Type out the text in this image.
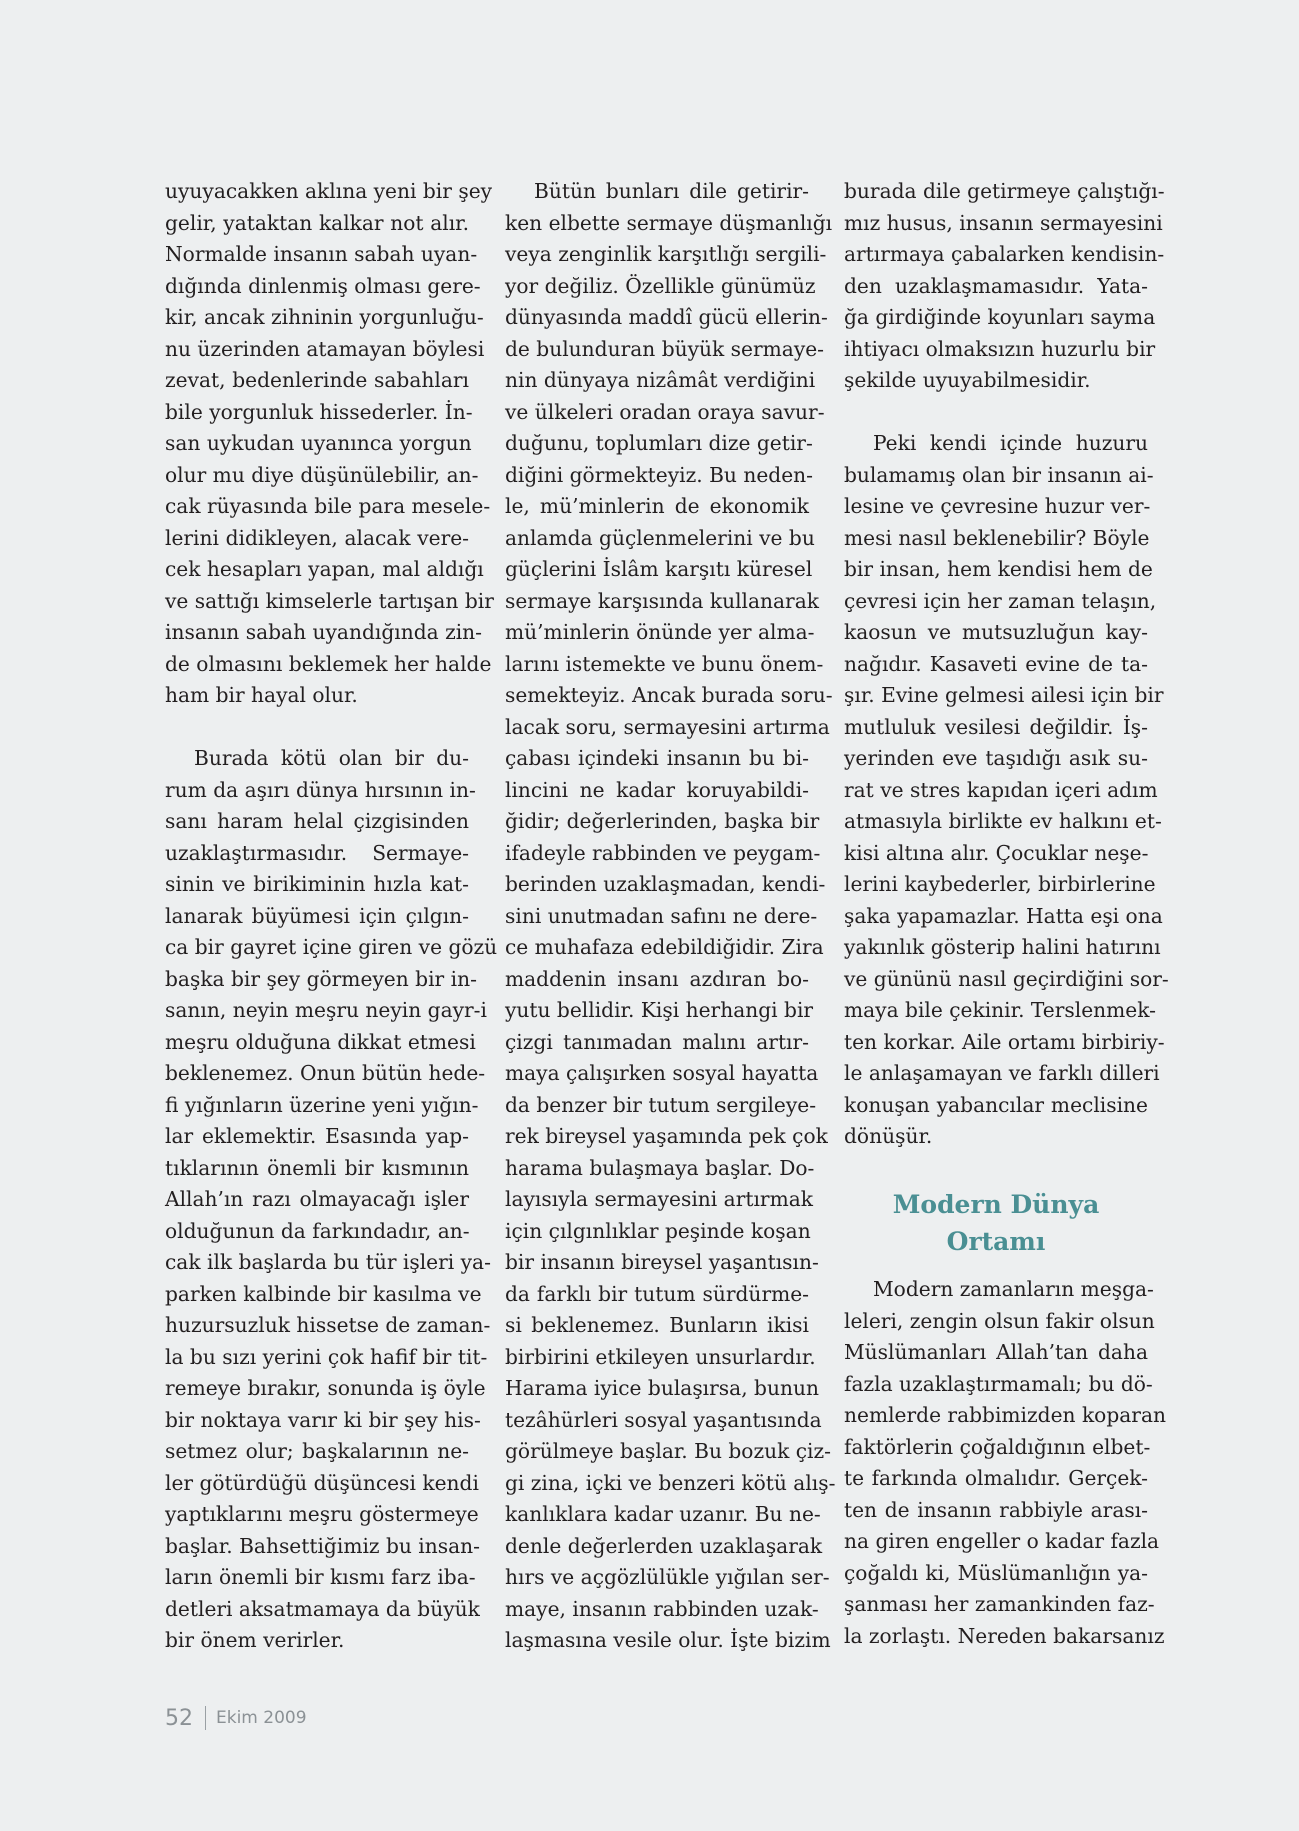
uyuyacakken aklına yeni bir şey
gelir, yataktan kalkar not alır.
Normalde insanın sabah uyan-
dığında dinlenmiş olması gere-
kir, ancak zihninin yorgunluğu-
nu üzerinden atamayan böylesi
zevat, bedenlerinde sabahları
bile yorgunluk hissederler. İn-
san uykudan uyanınca yorgun
olur mu diye düşünülebilir, an-
cak rüyasında bile para mesele-
lerini didikleyen, alacak vere-
cek hesapları yapan, mal aldığı
ve sattığı kimselerle tartışan bir
insanın sabah uyandığında zin-
de olmasını beklemek her halde
ham bir hayal olur.
Burada kötü olan bir du-
rum da aşırı dünya hırsının in-
sanı haram helal çizgisinden
uzaklaştırmasıdır. Sermaye-
sinin ve birikiminin hızla kat-
lanarak büyümesi için çılgın-
ca bir gayret içine giren ve gözü
başka bir şey görmeyen bir in-
sanın, neyin meşru neyin gayr-i
meşru olduğuna dikkat etmesi
beklenemez. Onun bütün hede-
fi yığınların üzerine yeni yığın-
lar eklemektir. Esasında yap-
tıklarının önemli bir kısmının
Allah’ın razı olmayacağı işler
olduğunun da farkındadır, an-
cak ilk başlarda bu tür işleri ya-
parken kalbinde bir kasılma ve
huzursuzluk hissetse de zaman-
la bu sızı yerini çok hafif bir tit-
remeye bırakır, sonunda iş öyle
bir noktaya varır ki bir şey his-
setmez olur; başkalarının ne-
ler götürdüğü düşüncesi kendi
yaptıklarını meşru göstermeye
başlar. Bahsettiğimiz bu insan-
ların önemli bir kısmı farz iba-
detleri aksatmamaya da büyük
bir önem verirler.
Bütün bunları dile getirir-
ken elbette sermaye düşmanlığı
veya zenginlik karşıtlığı sergili-
yor değiliz. Özellikle günümüz
dünyasında maddî gücü ellerin-
de bulunduran büyük sermaye-
nin dünyaya nizâmât verdiğini
ve ülkeleri oradan oraya savur-
duğunu, toplumları dize getir-
diğini görmekteyiz. Bu neden-
le, mü’minlerin de ekonomik
anlamda güçlenmelerini ve bu
güçlerini İslâm karşıtı küresel
sermaye karşısında kullanarak
mü’minlerin önünde yer alma-
larını istemekte ve bunu önem-
semekteyiz. Ancak burada soru-
lacak soru, sermayesini artırma
çabası içindeki insanın bu bi-
lincini ne kadar koruyabildi-
ğidir; değerlerinden, başka bir
ifadeyle rabbinden ve peygam-
berinden uzaklaşmadan, kendi-
sini unutmadan safını ne dere-
ce muhafaza edebildiğidir. Zira
maddenin insanı azdıran bo-
yutu bellidir. Kişi herhangi bir
çizgi tanımadan malını artır-
maya çalışırken sosyal hayatta
da benzer bir tutum sergileye-
rek bireysel yaşamında pek çok
harama bulaşmaya başlar. Do-
layısıyla sermayesini artırmak
için çılgınlıklar peşinde koşan
bir insanın bireysel yaşantısın-
da farklı bir tutum sürdürme-
si beklenemez. Bunların ikisi
birbirini etkileyen unsurlardır.
Harama iyice bulaşırsa, bunun
tezâhürleri sosyal yaşantısında
görülmeye başlar. Bu bozuk çiz-
gi zina, içki ve benzeri kötü alış-
kanlıklara kadar uzanır. Bu ne-
denle değerlerden uzaklaşarak
hırs ve açgözlülükle yığılan ser-
maye, insanın rabbinden uzak-
laşmasına vesile olur. İşte bizim
burada dile getirmeye çalıştığı-
mız husus, insanın sermayesini
artırmaya çabalarken kendisin-
den uzaklaşmamasıdır. Yata-
ğa girdiğinde koyunları sayma
ihtiyacı olmaksızın huzurlu bir
şekilde uyuyabilmesidir.
Peki kendi içinde huzuru
bulamamış olan bir insanın ai-
lesine ve çevresine huzur ver-
mesi nasıl beklenebilir? Böyle
bir insan, hem kendisi hem de
çevresi için her zaman telaşın,
kaosun ve mutsuzluğun kay-
nağıdır. Kasaveti evine de ta-
şır. Evine gelmesi ailesi için bir
mutluluk vesilesi değildir. İş-
yerinden eve taşıdığı asık su-
rat ve stres kapıdan içeri adım
atmasıyla birlikte ev halkını et-
kisi altına alır. Çocuklar neşe-
lerini kaybederler, birbirlerine
şaka yapamazlar. Hatta eşi ona
yakınlık gösterip halini hatırını
ve gününü nasıl geçirdiğini sor-
maya bile çekinir. Terslenmek-
ten korkar. Aile ortamı birbiriy-
le anlaşamayan ve farklı dilleri
konuşan yabancılar meclisine
dönüşür.
Modern Dünya
Ortamı
Modern zamanların meşga-
leleri, zengin olsun fakir olsun
Müslümanları Allah’tan daha
fazla uzaklaştırmamalı; bu dö-
nemlerde rabbimizden koparan
faktörlerin çoğaldığının elbet-
te farkında olmalıdır. Gerçek-
ten de insanın rabbiyle arası-
na giren engeller o kadar fazla
çoğaldı ki, Müslümanlığın ya-
şanması her zamankinden faz-
la zorlaştı. Nereden bakarsanız
52 Ekim 2009
